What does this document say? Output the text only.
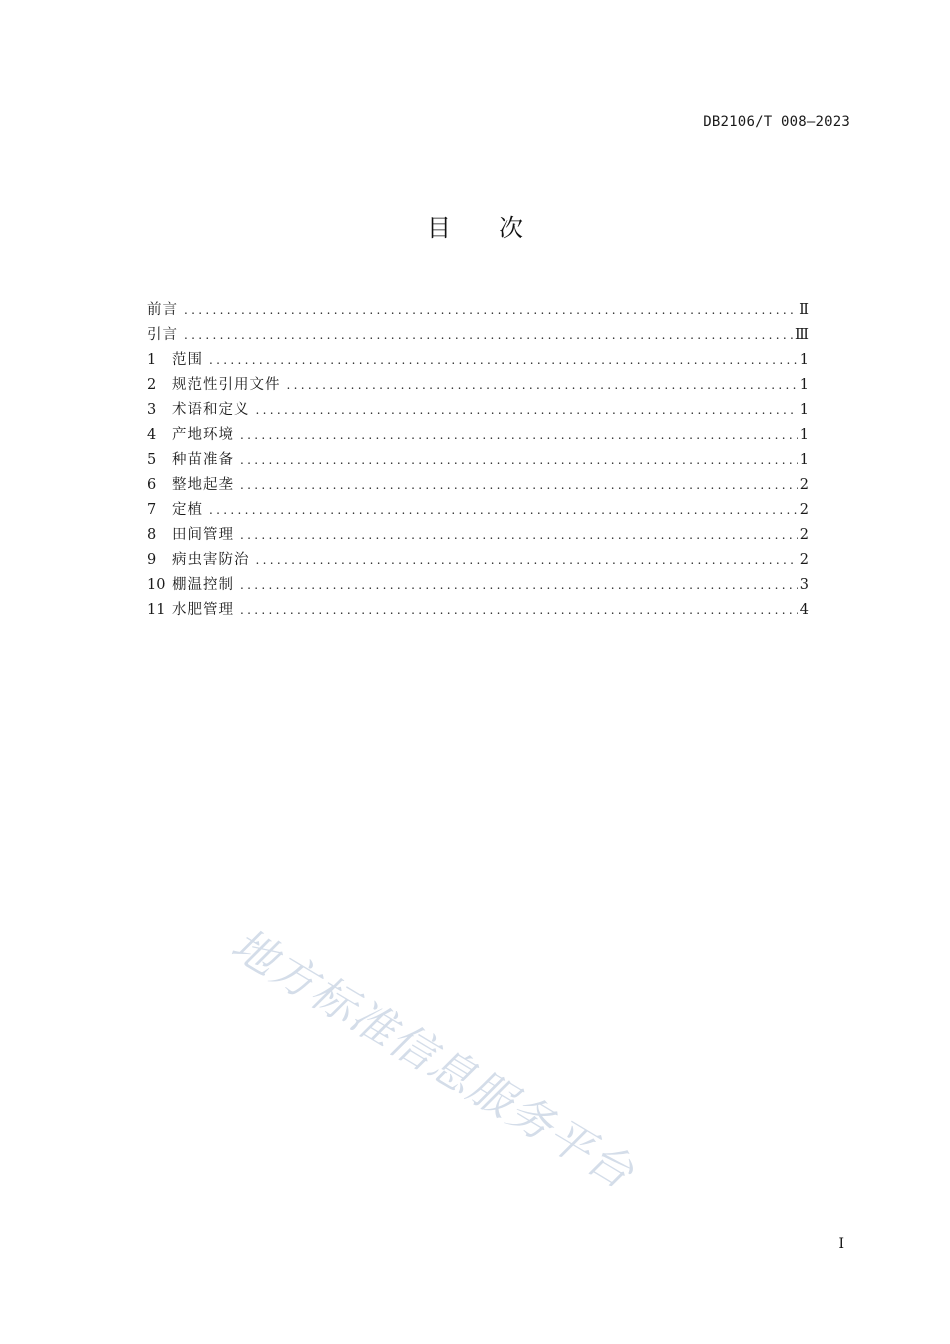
DB2106/T 008—2023
目次
前言 . . .	Ⅱ
引言 . . .	Ⅲ
1	范围 . . .	1
2	规范性引用文件 . . .	1
3	术语和定义 . . .	1
4	产地环境 . . .	1
5	种苗准备 . . .	1
6	整地起垄 . . .	2
7	定植 . . .	2
8	田间管理 . . .	2
9	病虫害防治 . . .	2
10 棚温控制 . . .	3
11 水肥管理 . . .	4
地方标准信息服务平台
I
